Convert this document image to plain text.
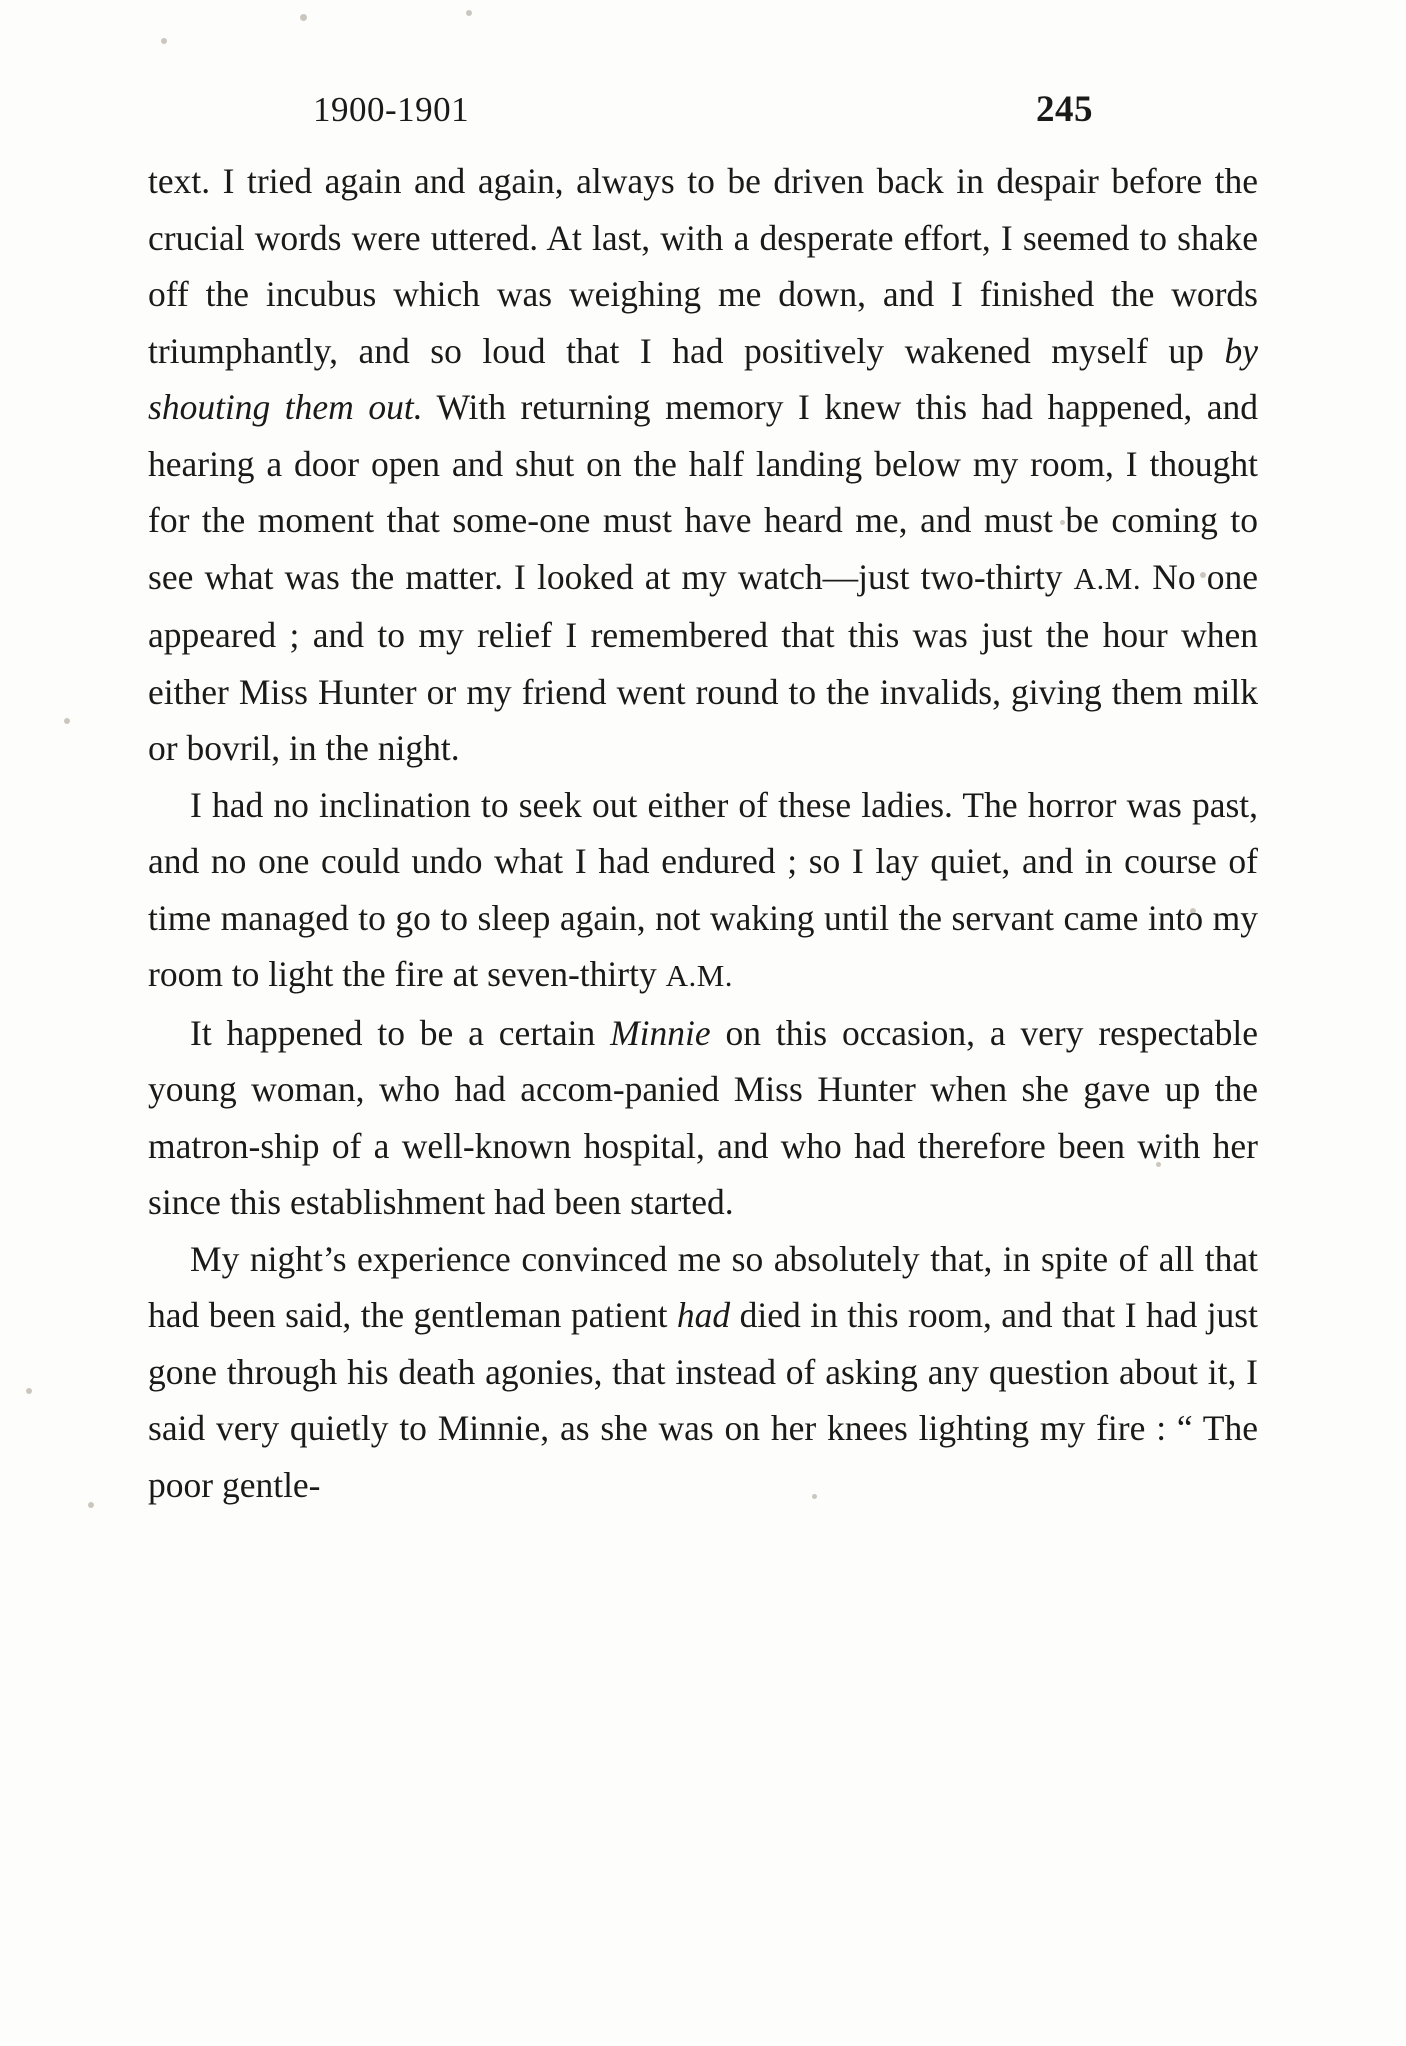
1900-1901	245

text. I tried again and again, always to be driven back in despair before the crucial words were uttered. At last, with a desperate effort, I seemed to shake off the incubus which was weighing me down, and I finished the words triumphantly, and so loud that I had positively wakened myself up by shouting them out. With returning memory I knew this had happened, and hearing a door open and shut on the half landing below my room, I thought for the moment that some-one must have heard me, and must be coming to see what was the matter. I looked at my watch—just two-thirty A.M. No one appeared ; and to my relief I remembered that this was just the hour when either Miss Hunter or my friend went round to the invalids, giving them milk or bovril, in the night.

I had no inclination to seek out either of these ladies. The horror was past, and no one could undo what I had endured ; so I lay quiet, and in course of time managed to go to sleep again, not waking until the servant came into my room to light the fire at seven-thirty A.M.

It happened to be a certain Minnie on this occasion, a very respectable young woman, who had accom-panied Miss Hunter when she gave up the matron-ship of a well-known hospital, and who had therefore been with her since this establishment had been started.

My night’s experience convinced me so absolutely that, in spite of all that had been said, the gentleman patient had died in this room, and that I had just gone through his death agonies, that instead of asking any question about it, I said very quietly to Minnie, as she was on her knees lighting my fire : “ The poor gentle-
